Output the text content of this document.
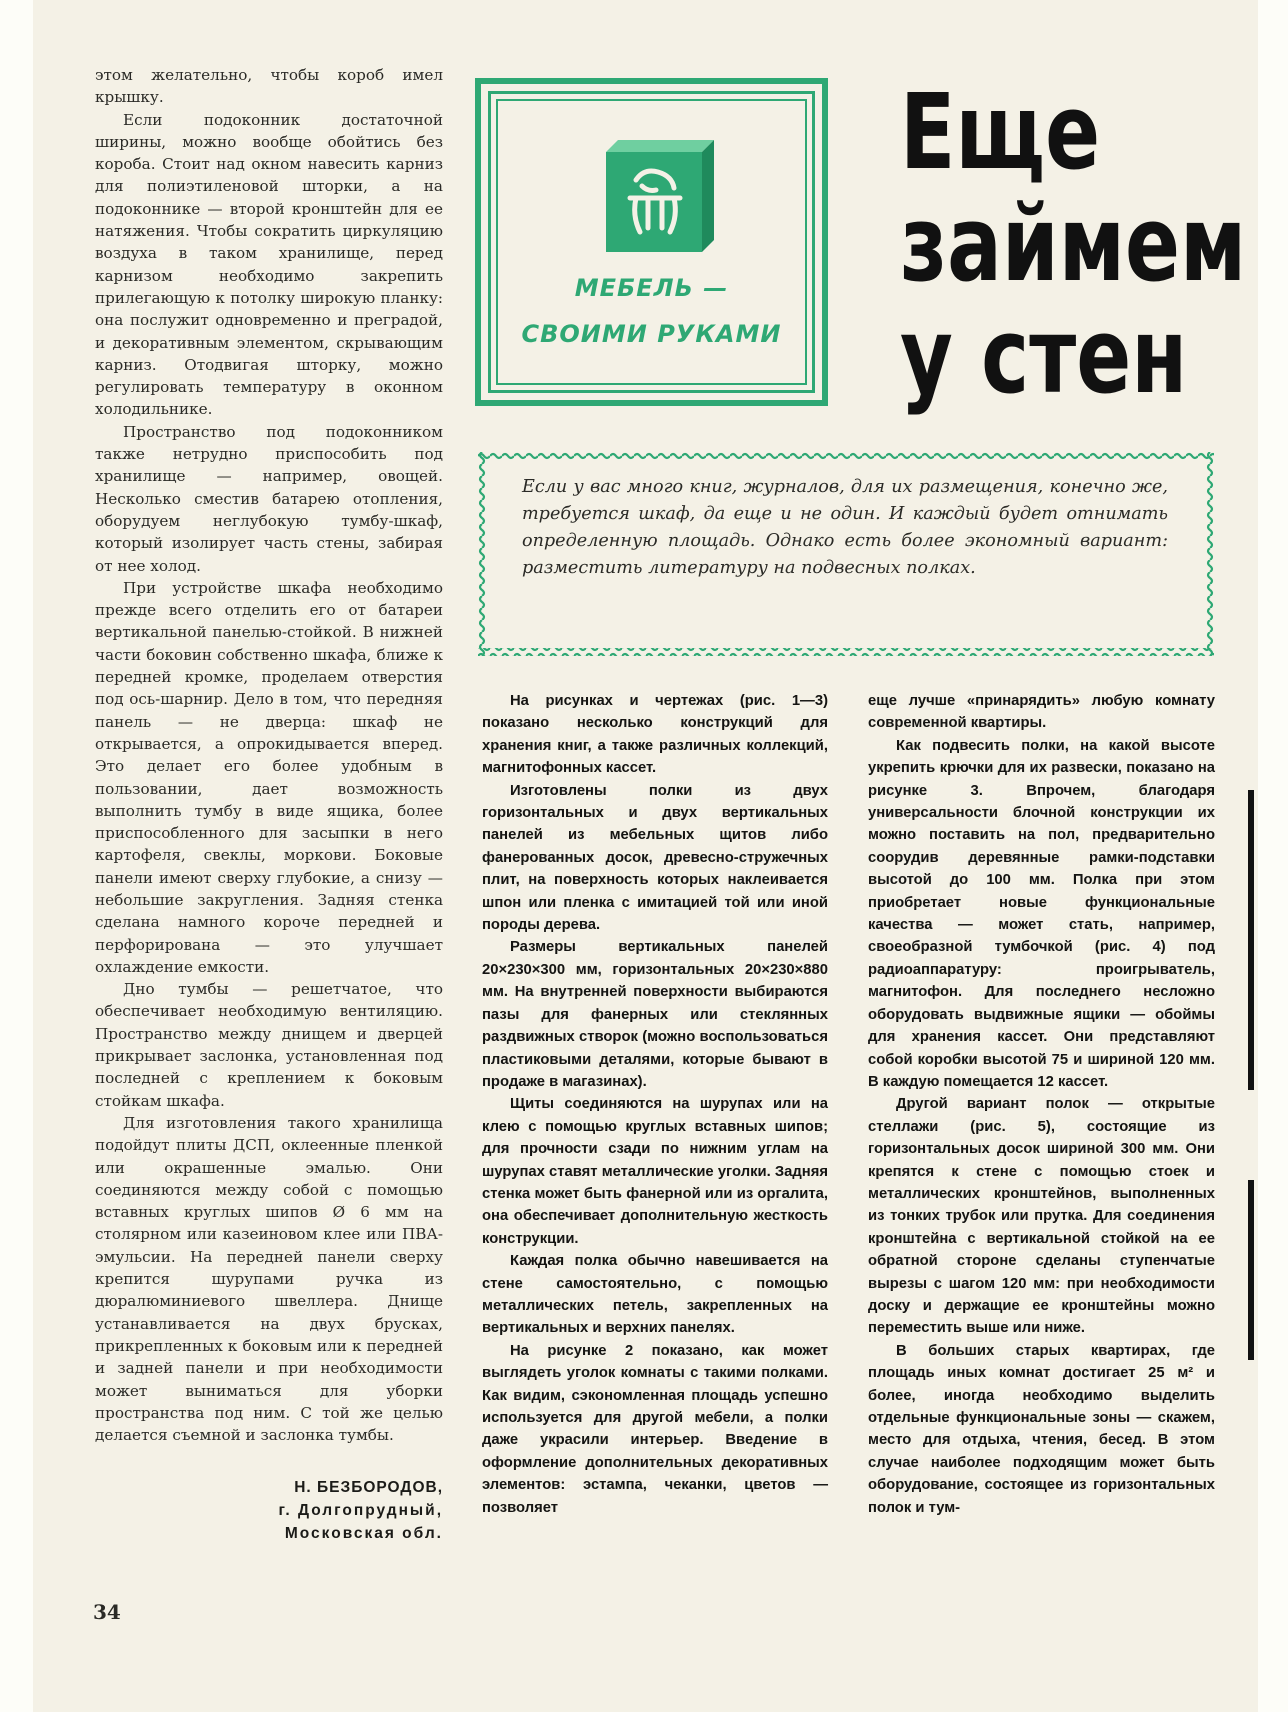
этом желательно, чтобы короб имел крышку.

Если подоконник достаточной ширины, можно вообще обойтись без короба. Стоит над окном навесить карниз для полиэтиленовой шторки, а на подоконнике — второй кронштейн для ее натяжения. Чтобы сократить циркуляцию воздуха в таком хранилище, перед карнизом необходимо закрепить прилегающую к потолку широкую планку: она послужит одновременно и преградой, и декоративным элементом, скрывающим карниз. Отодвигая шторку, можно регулировать температуру в оконном холодильнике.

Пространство под подоконником также нетрудно приспособить под хранилище — например, овощей. Несколько сместив батарею отопления, оборудуем неглубокую тумбу-шкаф, который изолирует часть стены, забирая от нее холод.

При устройстве шкафа необходимо прежде всего отделить его от батареи вертикальной панелью-стойкой. В нижней части боковин собственно шкафа, ближе к передней кромке, проделаем отверстия под ось-шарнир. Дело в том, что передняя панель — не дверца: шкаф не открывается, а опрокидывается вперед. Это делает его более удобным в пользовании, дает возможность выполнить тумбу в виде ящика, более приспособленного для засыпки в него картофеля, свеклы, моркови. Боковые панели имеют сверху глубокие, а снизу — небольшие закругления. Задняя стенка сделана намного короче передней и перфорирована — это улучшает охлаждение емкости.

Дно тумбы — решетчатое, что обеспечивает необходимую вентиляцию. Пространство между днищем и дверцей прикрывает заслонка, установленная под последней с креплением к боковым стойкам шкафа.

Для изготовления такого хранилища подойдут плиты ДСП, оклеенные пленкой или окрашенные эмалью. Они соединяются между собой с помощью вставных круглых шипов Ø 6 мм на столярном или казеиновом клее или ПВА-эмульсии. На передней панели сверху крепится шурупами ручка из дюралюминиевого швеллера. Днище устанавливается на двух брусках, прикрепленных к боковым или к передней и задней панели и при необходимости может выниматься для уборки пространства под ним. С той же целью делается съемной и заслонка тумбы.

Н. БЕЗБОРОДОВ,
г. Долгопрудный,
Московская обл.
34
МЕБЕЛЬ —
СВОИМИ РУКАМИ
Еще
займем
у стен
Если у вас много книг, журналов, для их размещения, конечно же, требуется шкаф, да еще и не один. И каждый будет отнимать определенную площадь. Однако есть более экономный вариант: разместить литературу на подвесных полках.

На рисунках и чертежах (рис. 1—3) показано несколько конструкций для хранения книг, а также различных коллекций, магнитофонных кассет.

Изготовлены полки из двух горизонтальных и двух вертикальных панелей из мебельных щитов либо фанерованных досок, древесно-стружечных плит, на поверхность которых наклеивается шпон или пленка с имитацией той или иной породы дерева.

Размеры вертикальных панелей 20×230×300 мм, горизонтальных 20×230×880 мм. На внутренней поверхности выбираются пазы для фанерных или стеклянных раздвижных створок (можно воспользоваться пластиковыми деталями, которые бывают в продаже в магазинах).

Щиты соединяются на шурупах или на клею с помощью круглых вставных шипов; для прочности сзади по нижним углам на шурупах ставят металлические уголки. Задняя стенка может быть фанерной или из оргалита, она обеспечивает дополнительную жесткость конструкции.

Каждая полка обычно навешивается на стене самостоятельно, с помощью металлических петель, закрепленных на вертикальных и верхних панелях.

На рисунке 2 показано, как может выглядеть уголок комнаты с такими полками. Как видим, сэкономленная площадь успешно используется для другой мебели, а полки даже украсили интерьер. Введение в оформление дополнительных декоративных элементов: эстампа, чеканки, цветов — позволяет

еще лучше «принарядить» любую комнату современной квартиры.

Как подвесить полки, на какой высоте укрепить крючки для их развески, показано на рисунке 3. Впрочем, благодаря универсальности блочной конструкции их можно поставить на пол, предварительно соорудив деревянные рамки-подставки высотой до 100 мм. Полка при этом приобретает новые функциональные качества — может стать, например, своеобразной тумбочкой (рис. 4) под радиоаппаратуру: проигрыватель, магнитофон. Для последнего несложно оборудовать выдвижные ящики — обоймы для хранения кассет. Они представляют собой коробки высотой 75 и шириной 120 мм. В каждую помещается 12 кассет.

Другой вариант полок — открытые стеллажи (рис. 5), состоящие из горизонтальных досок шириной 300 мм. Они крепятся к стене с помощью стоек и металлических кронштейнов, выполненных из тонких трубок или прутка. Для соединения кронштейна с вертикальной стойкой на ее обратной стороне сделаны ступенчатые вырезы с шагом 120 мм: при необходимости доску и держащие ее кронштейны можно переместить выше или ниже.

В больших старых квартирах, где площадь иных комнат достигает 25 м² и более, иногда необходимо выделить отдельные функциональные зоны — скажем, место для отдыха, чтения, бесед. В этом случае наиболее подходящим может быть оборудование, состоящее из горизонтальных полок и тум-
